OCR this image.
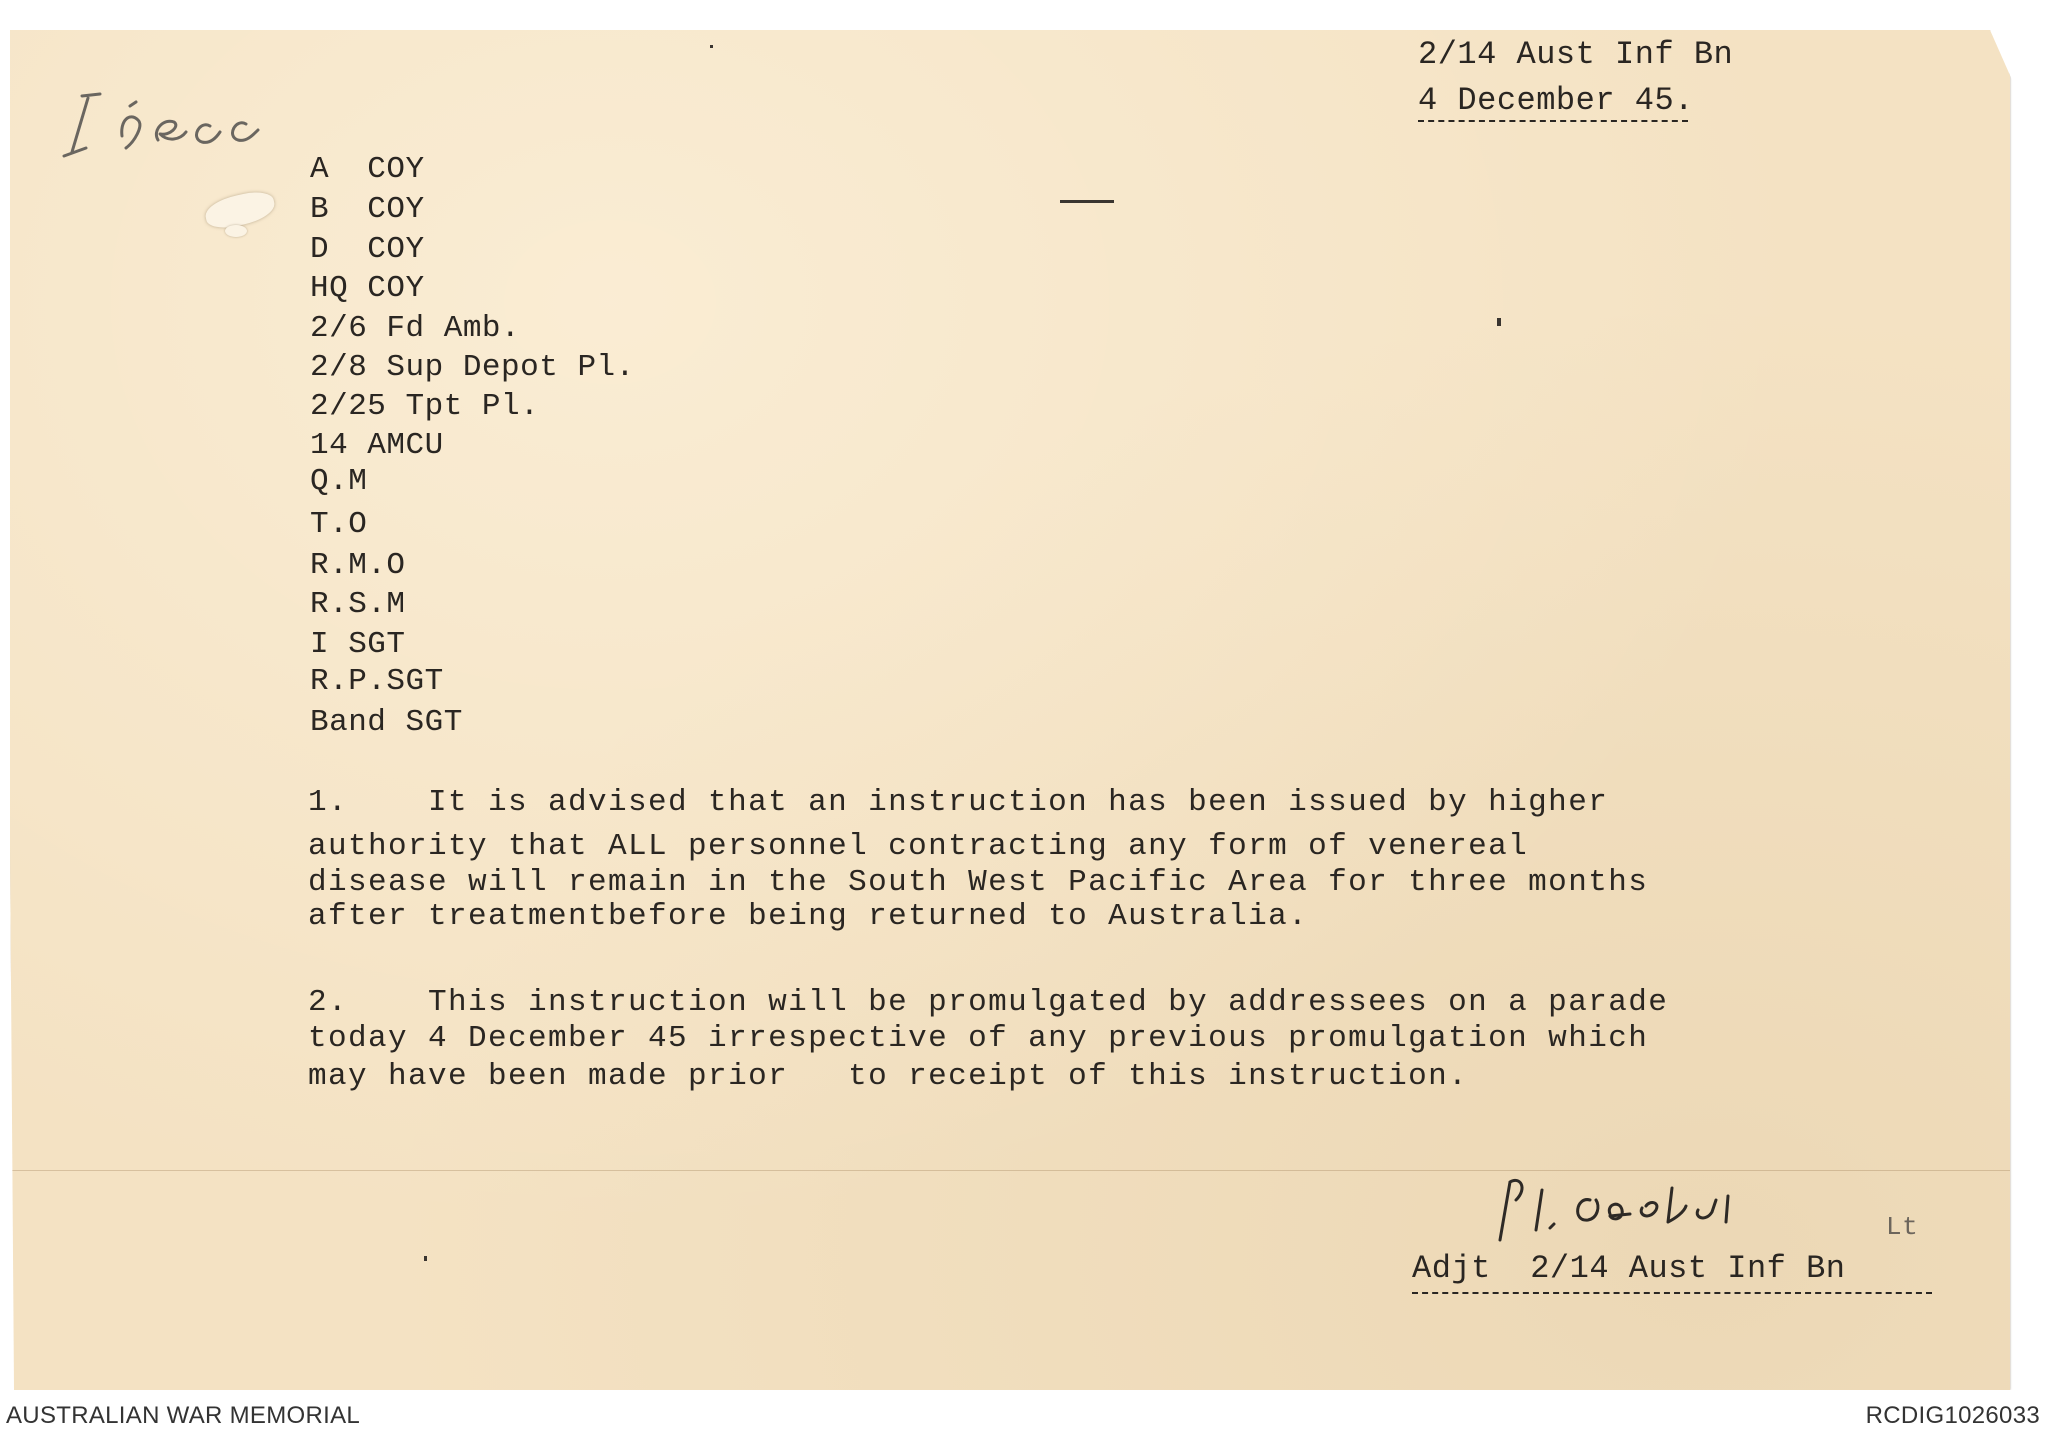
2/14 Aust Inf Bn
4 December 45.
A  COY
B  COY
D  COY
HQ COY
2/6 Fd Amb.
2/8 Sup Depot Pl.
2/25 Tpt Pl.
14 AMCU
Q.M
T.O
R.M.O
R.S.M
I SGT
R.P.SGT
Band SGT
1.    It is advised that an instruction has been issued by higher
authority that ALL personnel contracting any form of venereal
disease will remain in the South West Pacific Area for three months
after treatmentbefore being returned to Australia.
2.    This instruction will be promulgated by addressees on a parade
today 4 December 45 irrespective of any previous promulgation which
may have been made prior   to receipt of this instruction.
Lt
Adjt  2/14 Aust Inf Bn
AUSTRALIAN WAR MEMORIAL	RCDIG1026033
